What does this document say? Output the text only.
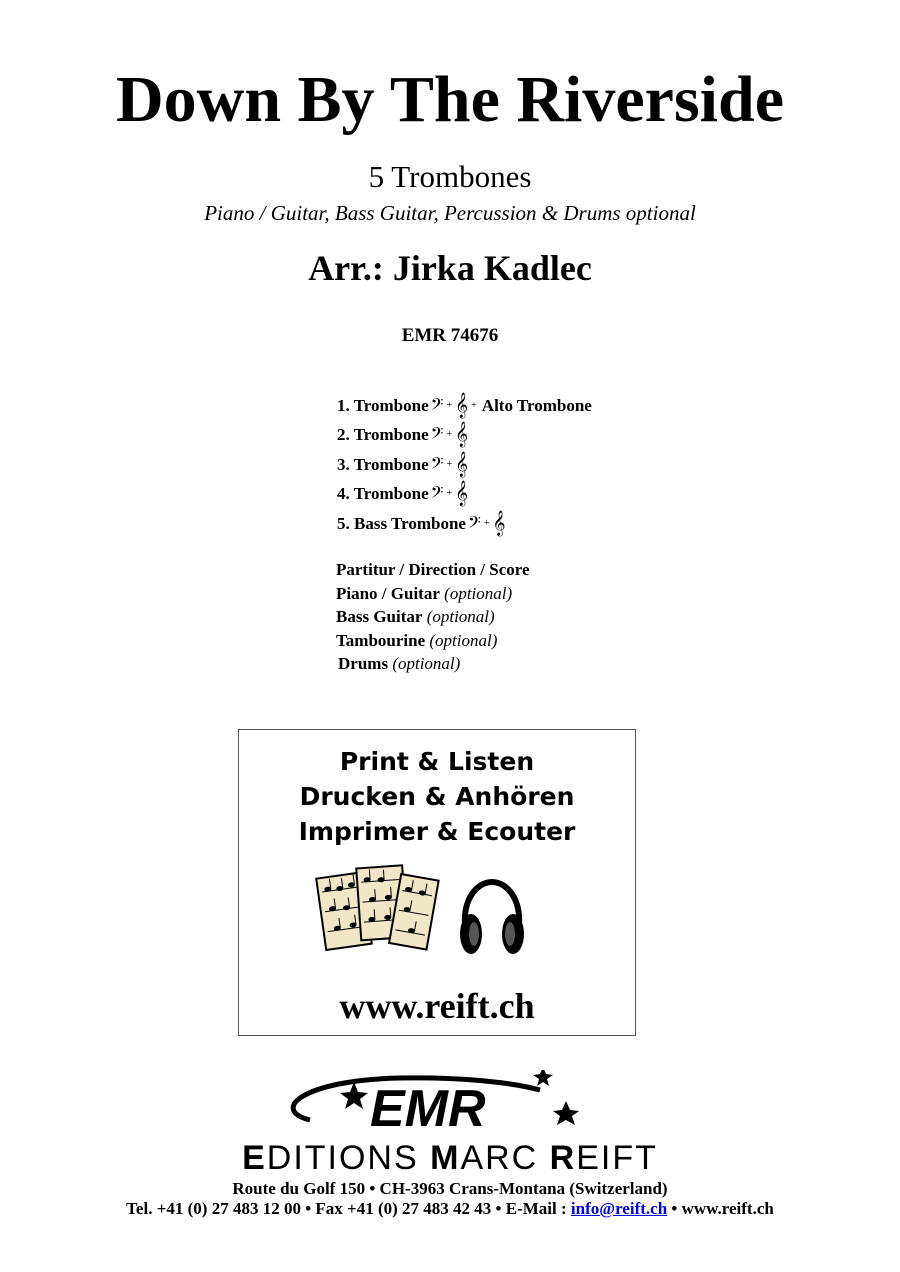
Down By The Riverside
5 Trombones
Piano / Guitar, Bass Guitar, Percussion & Drums optional
Arr.: Jirka Kadlec
EMR 74676
1. Trombone 𝄢 + 𝄞 + Alto Trombone
2. Trombone 𝄢 + 𝄞
3. Trombone 𝄢 + 𝄞
4. Trombone 𝄢 + 𝄞
5. Bass Trombone 𝄢 + 𝄞
Partitur / Direction / Score
Piano / Guitar (optional)
Bass Guitar (optional)
Tambourine (optional)
Drums (optional)
Print & Listen
Drucken & Anhören
Imprimer & Ecouter
www.reift.ch
EMR
EDITIONS MARC REIFT
Route du Golf 150 • CH-3963 Crans-Montana (Switzerland)
Tel. +41 (0) 27 483 12 00 • Fax +41 (0) 27 483 42 43 • E-Mail : info@reift.ch • www.reift.ch
